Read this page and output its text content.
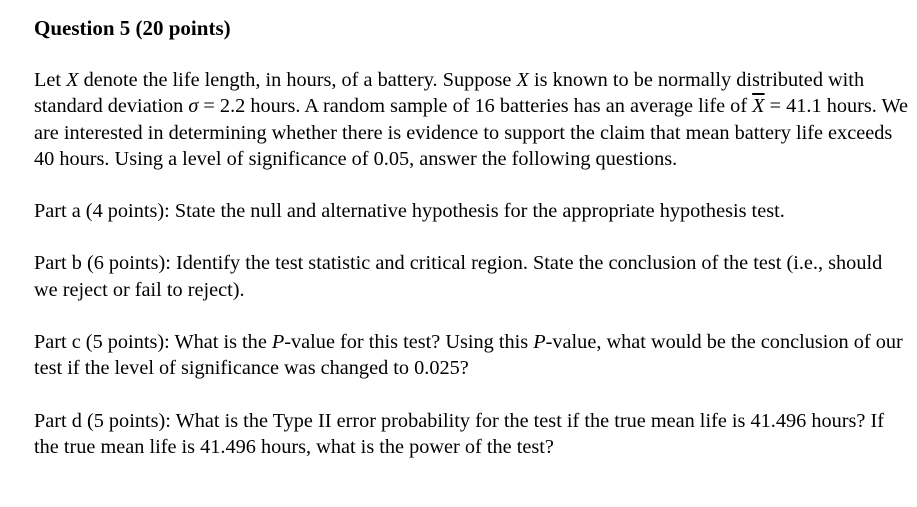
Question 5 (20 points)

Let X denote the life length, in hours, of a battery. Suppose X is known to be normally distributed with standard deviation σ = 2.2 hours. A random sample of 16 batteries has an average life of $\overline{X} = 41.1$ hours. We are interested in determining whether there is evidence to support the claim that mean battery life exceeds 40 hours. Using a level of significance of 0.05, answer the following questions.

Part a (4 points): State the null and alternative hypothesis for the appropriate hypothesis test.

Part b (6 points): Identify the test statistic and critical region. State the conclusion of the test (i.e., should we reject or fail to reject).

Part c (5 points): What is the P-value for this test? Using this P-value, what would be the conclusion of our test if the level of significance was changed to 0.025?

Part d (5 points): What is the Type II error probability for the test if the true mean life is 41.496 hours? If the true mean life is 41.496 hours, what is the power of the test?
